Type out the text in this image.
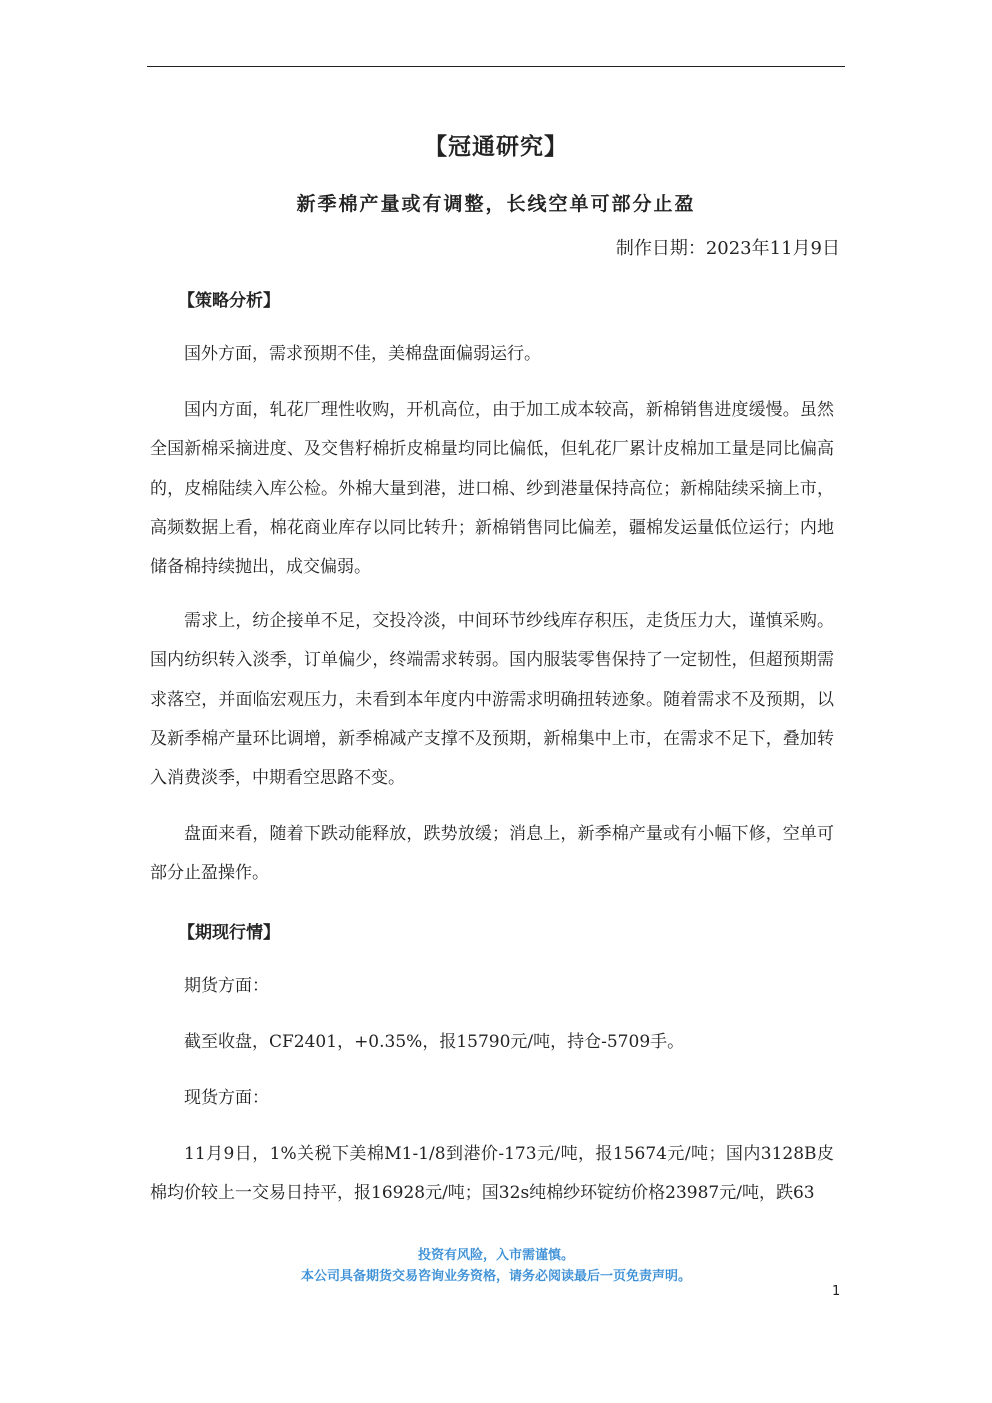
【冠通研究】
新季棉产量或有调整，长线空单可部分止盈
制作日期：2023年11月9日
【策略分析】

国外方面，需求预期不佳，美棉盘面偏弱运行。

国内方面，轧花厂理性收购，开机高位，由于加工成本较高，新棉销售进度缓慢。虽然全国新棉采摘进度、及交售籽棉折皮棉量均同比偏低，但轧花厂累计皮棉加工量是同比偏高的，皮棉陆续入库公检。外棉大量到港，进口棉、纱到港量保持高位；新棉陆续采摘上市，高频数据上看，棉花商业库存以同比转升；新棉销售同比偏差，疆棉发运量低位运行；内地储备棉持续抛出，成交偏弱。

需求上，纺企接单不足，交投冷淡，中间环节纱线库存积压，走货压力大，谨慎采购。国内纺织转入淡季，订单偏少，终端需求转弱。国内服装零售保持了一定韧性，但超预期需求落空，并面临宏观压力，未看到本年度内中游需求明确扭转迹象。随着需求不及预期，以及新季棉产量环比调增，新季棉减产支撑不及预期，新棉集中上市，在需求不足下，叠加转入消费淡季，中期看空思路不变。

盘面来看，随着下跌动能释放，跌势放缓；消息上，新季棉产量或有小幅下修，空单可部分止盈操作。

【期现行情】

期货方面：

截至收盘，CF2401，+0.35%，报15790元/吨，持仓-5709手。

现货方面：

11月9日，1%关税下美棉M1-1/8到港价-173元/吨，报15674元/吨；国内3128B皮棉均价较上一交易日持平，报16928元/吨；国32s纯棉纱环锭纺价格23987元/吨，跌63

投资有风险，入市需谨慎。
本公司具备期货交易咨询业务资格，请务必阅读最后一页免责声明。
1
